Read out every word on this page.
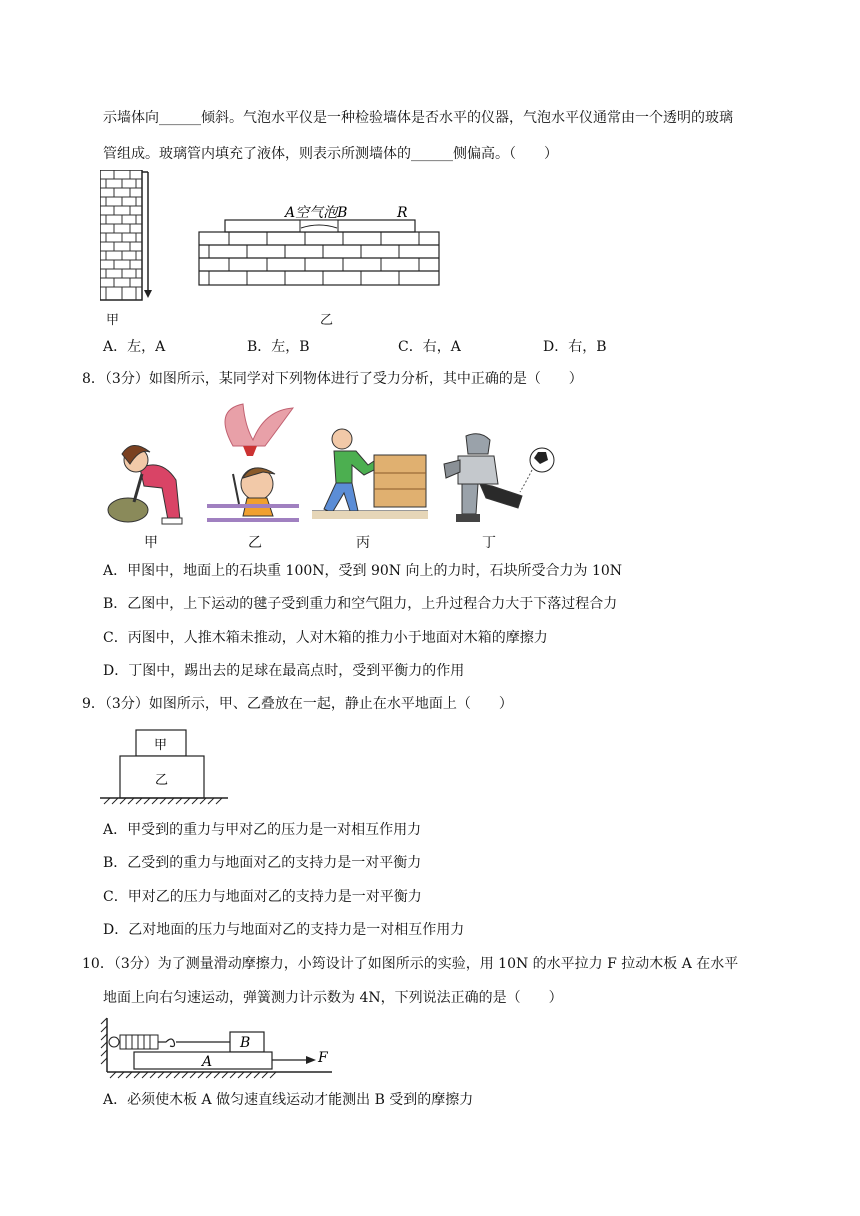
示墙体向______倾斜。气泡水平仪是一种检验墙体是否水平的仪器，气泡水平仪通常由一个透明的玻璃
管组成。玻璃管内填充了液体，则表示所测墙体的______侧偏高。（　　）
甲
A空气泡B	R
乙
A．左，A	B．左，B	C．右，A	D．右，B
8．（3分）如图所示，某同学对下列物体进行了受力分析，其中正确的是（　　）
甲	乙	丙	丁
A．甲图中，地面上的石块重 100N，受到 90N 向上的力时，石块所受合力为 10N
B．乙图中，上下运动的毽子受到重力和空气阻力，上升过程合力大于下落过程合力
C．丙图中，人推木箱未推动，人对木箱的推力小于地面对木箱的摩擦力
D．丁图中，踢出去的足球在最高点时，受到平衡力的作用
9．（3分）如图所示，甲、乙叠放在一起，静止在水平地面上（　　）
甲
乙
A．甲受到的重力与甲对乙的压力是一对相互作用力
B．乙受到的重力与地面对乙的支持力是一对平衡力
C．甲对乙的压力与地面对乙的支持力是一对平衡力
D．乙对地面的压力与地面对乙的支持力是一对相互作用力
10．（3分）为了测量滑动摩擦力，小筠设计了如图所示的实验，用 10N 的水平拉力 F 拉动木板 A 在水平
地面上向右匀速运动，弹簧测力计示数为 4N，下列说法正确的是（　　）
B
A	F
A．必须使木板 A 做匀速直线运动才能测出 B 受到的摩擦力
